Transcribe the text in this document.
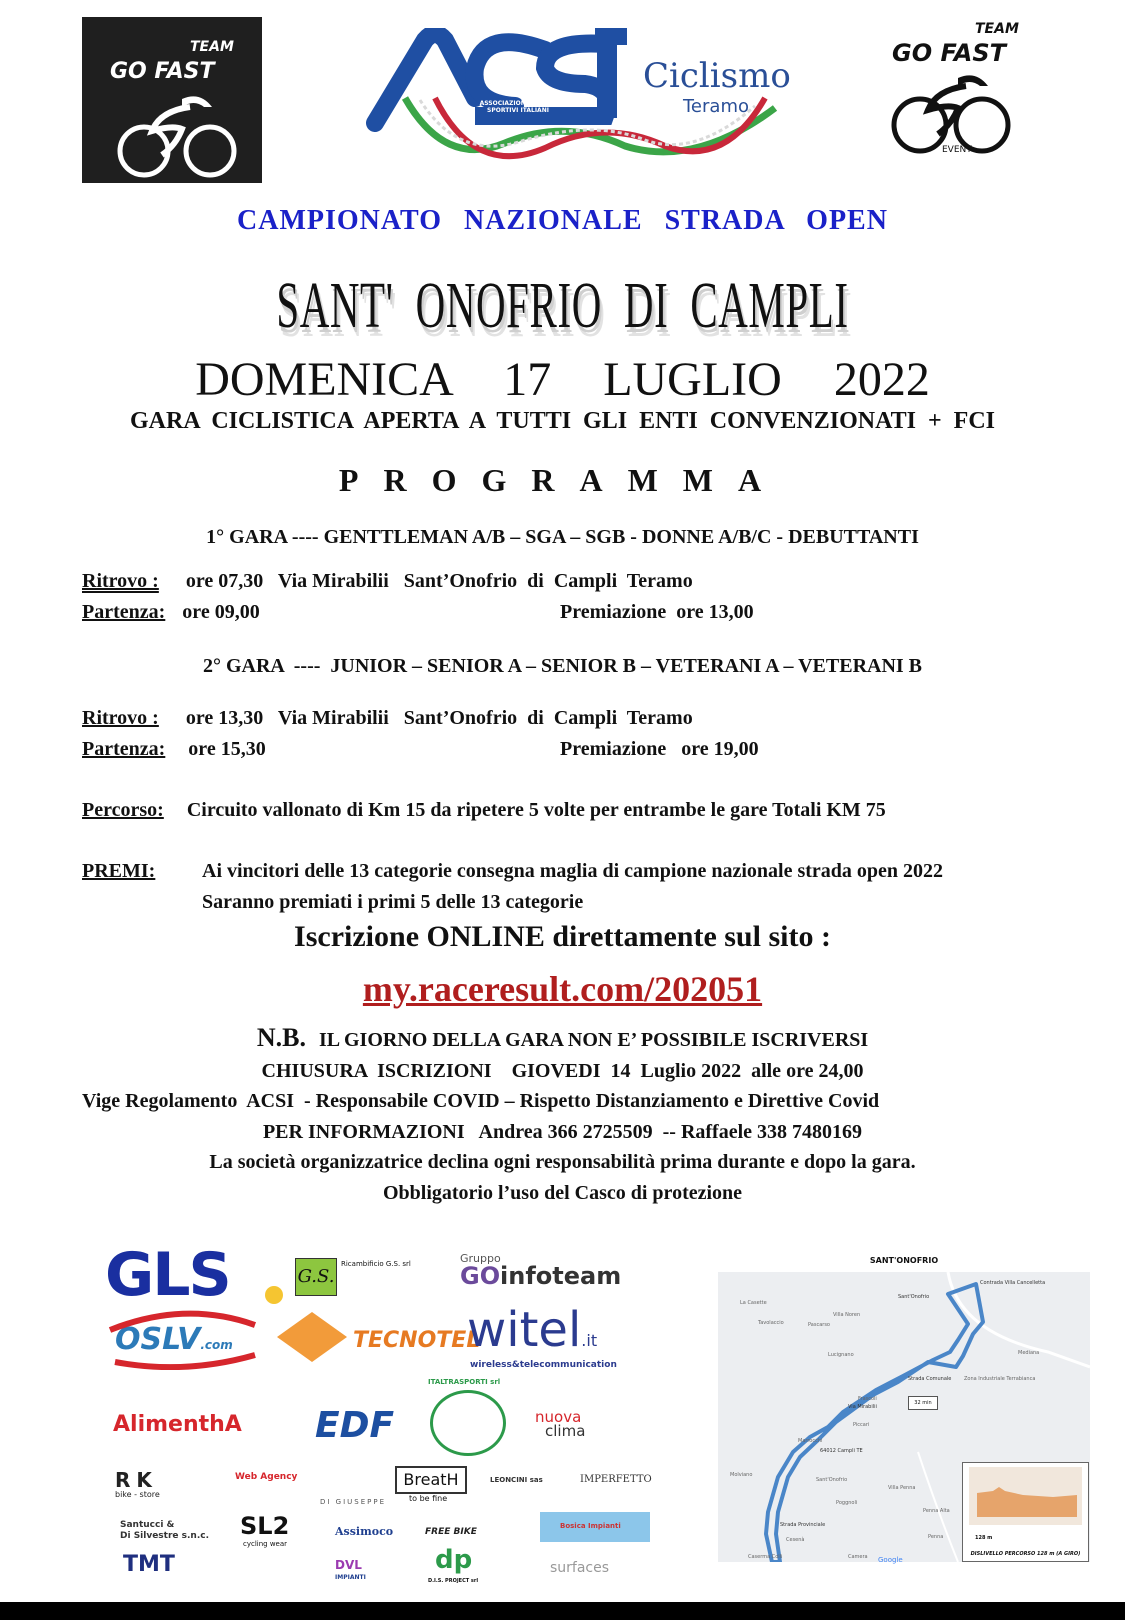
TEAM
GO FAST
ASSOCIAZIONE CENTRI
SPORTIVI ITALIANI
Ciclismo
Teramo
TEAM
GO FAST
EVENT
CAMPIONATO NAZIONALE STRADA OPEN
SANT' ONOFRIO DI CAMPLI
DOMENICA 17 LUGLIO 2022
GARA CICLISTICA APERTA A TUTTI GLI ENTI CONVENZIONATI + FCI
PROGRAMMA
1° GARA ---- GENTTLEMAN A/B – SGA – SGB - DONNE A/B/C - DEBUTTANTI
Ritrovo : ore 07,30   Via Mirabilii   Sant’Onofrio  di  Campli  Teramo
Partenza: ore 09,00	Premiazione  ore 13,00
2° GARA  ----  JUNIOR – SENIOR A – SENIOR B – VETERANI A – VETERANI B
Ritrovo : ore 13,30   Via Mirabilii   Sant’Onofrio  di  Campli  Teramo
Partenza: ore 15,30	Premiazione   ore 19,00
Percorso: Circuito vallonato di Km 15 da ripetere 5 volte per entrambe le gare Totali KM 75
PREMI: Ai vincitori delle 13 categorie consegna maglia di campione nazionale strada open 2022
Saranno premiati i primi 5 delle 13 categorie
Iscrizione ONLINE direttamente sul sito :
my.raceresult.com/202051
N.B. IL GIORNO DELLA GARA NON E’ POSSIBILE ISCRIVERSI
CHIUSURA  ISCRIZIONI    GIOVEDI  14  Luglio 2022  alle ore 24,00
Vige Regolamento  ACSI  - Responsabile COVID – Rispetto Distanziamento e Direttive Covid
PER INFORMAZIONI   Andrea 366 2725509  -- Raffaele 338 7480169
La società organizzatrice declina ogni responsabilità prima durante e dopo la gara.
Obbligatorio l’uso del Casco di protezione
GLS	G.S.
Ricambificio G.S. srl	Gruppo
GO infoteam
OSLV.com	TECNOTEL
witel.it
wireless&telecommunication
AlimenthA EDF
ITALTRASPORTI srl
nuova
clima
RK
bike - store
Web Agency
DI GIUSEPPE
BreatH
to be fine
LEONCINI sas	IMPERFETTO
Santucci &
Di Silvestre s.n.c. SL2
cycling wear
Assimoco	FREE BIKE
Bosica Impianti
TMT	DVL
IMPIANTI
dp
D.I.S. PROJECT srl
surfaces
SANT'ONOFRIO
La Casette
Tavolaccio	Pascarso
Villa Noren
Lucignano
Frascoli
Via Mirabilii
Piccari
Marrocchi
64012 Campli TE
Molviano
Sant'Onofrio
Villa Penna
Poggnoli
Strada Provinciale
Cesenà
Caserma Colli	Camera
Penna Alta
Penna
Mediana
Strada Comunale
Sant'Onofrio
Contrada Villa Cancelletta
Zona Industriale Terrabianca
Google
32 min
128 m
DISLIVELLO PERCORSO 128 m (A GIRO)
